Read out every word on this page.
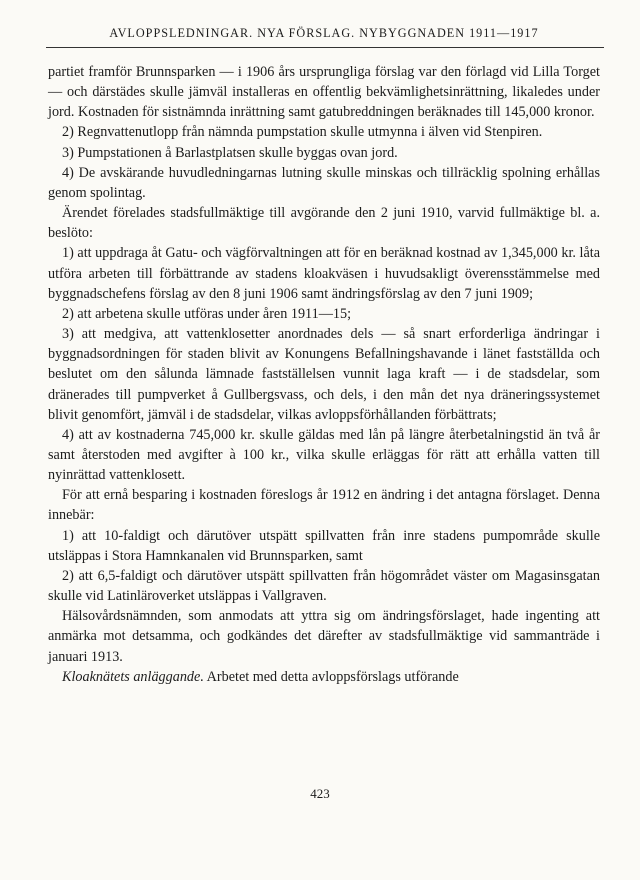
AVLOPPSLEDNINGAR. NYA FÖRSLAG. NYBYGGNADEN 1911—1917

partiet framför Brunnsparken — i 1906 års ursprungliga förslag var den förlagd vid Lilla Torget — och därstädes skulle jämväl installeras en offentlig bekvämlighetsinrättning, likaledes under jord. Kostnaden för sistnämnda inrättning samt gatubreddningen beräknades till 145,000 kronor.

2) Regnvattenutlopp från nämnda pumpstation skulle utmynna i älven vid Stenpiren.

3) Pumpstationen å Barlastplatsen skulle byggas ovan jord.

4) De avskärande huvudledningarnas lutning skulle minskas och tillräcklig spolning erhållas genom spolintag.

Ärendet förelades stadsfullmäktige till avgörande den 2 juni 1910, varvid fullmäktige bl. a. beslöto:

1) att uppdraga åt Gatu- och vägförvaltningen att för en beräknad kostnad av 1,345,000 kr. låta utföra arbeten till förbättrande av stadens kloakväsen i huvudsakligt överensstämmelse med byggnadschefens förslag av den 8 juni 1906 samt ändringsförslag av den 7 juni 1909;

2) att arbetena skulle utföras under åren 1911—15;

3) att medgiva, att vattenklosetter anordnades dels — så snart erforderliga ändringar i byggnadsordningen för staden blivit av Konungens Befallningshavande i länet fastställda och beslutet om den sålunda lämnade fastställelsen vunnit laga kraft — i de stadsdelar, som dränerades till pumpverket å Gullbergsvass, och dels, i den mån det nya dräneringssystemet blivit genomfört, jämväl i de stadsdelar, vilkas avloppsförhållanden förbättrats;

4) att av kostnaderna 745,000 kr. skulle gäldas med lån på längre återbetalningstid än två år samt återstoden med avgifter à 100 kr., vilka skulle erläggas för rätt att erhålla vatten till nyinrättad vattenklosett.

För att ernå besparing i kostnaden föreslogs år 1912 en ändring i det antagna förslaget. Denna innebär:

1) att 10-faldigt och därutöver utspätt spillvatten från inre stadens pumpområde skulle utsläppas i Stora Hamnkanalen vid Brunnsparken, samt

2) att 6,5-faldigt och därutöver utspätt spillvatten från högområdet väster om Magasinsgatan skulle vid Latinläroverket utsläppas i Vallgraven.

Hälsovårdsnämnden, som anmodats att yttra sig om ändringsförslaget, hade ingenting att anmärka mot detsamma, och godkändes det därefter av stadsfullmäktige vid sammanträde i januari 1913.

Kloaknätets anläggande. Arbetet med detta avloppsförslags utförande

423
